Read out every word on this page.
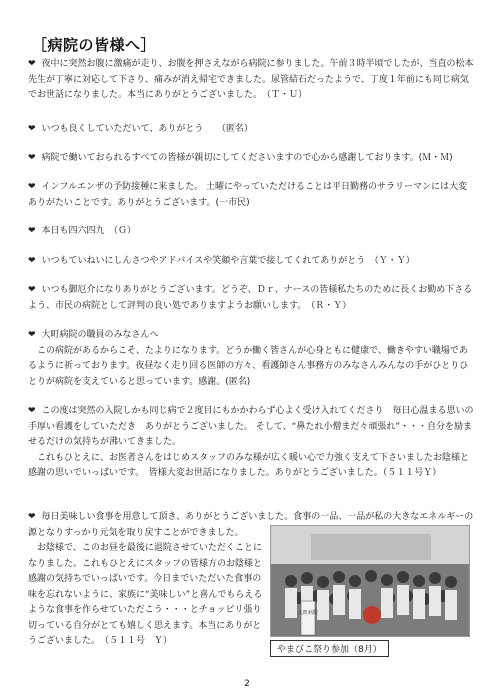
［病院の皆様へ］

❤ 夜中に突然お腹に激痛が走り、お腹を押さえながら病院に参りました。午前３時半頃でしたが、当直の松本先生が丁寧に対応して下さり、痛みが消え帰宅できました。尿管結石だったようで、丁度１年前にも同じ病気でお世話になりました。本当にありがとうございました。　（Ｔ・Ｕ）

❤ いつも良くしていただいて、ありがとう　　（匿名）

❤ 病院で働いておられるすべての皆様が親切にしてくださいますので心から感謝しております。(Ｍ・Ｍ)

❤ インフルエンザの予防接種に来ました。 土曜にやっていただけることは平日勤務のサラリーマンには大変ありがたいことです。ありがとうございます。(一市民)

❤ 本日も四六四九　（Ｇ）

❤ いつもていねいにしんさつやアドバイスや笑顔や言葉で接してくれてありがとう　（Ｙ・Ｙ）

❤ いつも御厄介になりありがとうございます。どうぞ、Ｄｒ、ナースの皆様私たちのために長くお勤め下さるよう、市民の病院として評判の良い処でありますようお願いします。　（Ｒ・Ｙ）

❤ 大町病院の職員のみなさんへ

この病院があるからこそ、たよりになります。どうか働く皆さんが心身ともに健康で、働きやすい職場であるように祈っております。夜昼なく走り回る医師の方々、看護師さん事務方のみなさんみんなの手がひとりひとりが病院を支えていると思っています。感謝。(匿名)

❤ この度は突然の入院しかも同じ病で２度目にもかかわらず心よく受け入れてくださり　毎日心温まる思いの手厚い看護をしていただき　ありがとうございました。 そして、“鼻たれ小僧まだ々頑張れ”・・・自分を励ませるだけの気持ちが沸いてきました。

これもひとえに、お医者さんをはじめスタッフのみな様が広く暖い心で力強く支えて下さいましたお陰様と感謝の思いでいっぱいです。　皆様大変お世話になりました。ありがとうございました。（５１１号Ｙ）

❤ 毎日美味しい食事を用意して頂き、ありがとうございました。食事の一品、一品が私の大きなエネルギーの源となりすっかり元気を取り戻すことができました。

お陰様で、このお昼を最後に退院させていただくことになりました。これもひとえにスタッフの皆様方のお陰様と感謝の気持ちでいっぱいです。今日までいただいた食事の味を忘れないように、家族に“美味しい”と喜んでもらえるような食事を作らせていただこう・・・とチョッピリ張り切っている自分がとても嬉しく思えます。本当にありがとうございました。　（５１１号　Ｙ）

大町病院
やまびこ祭り参加（8月）
2
